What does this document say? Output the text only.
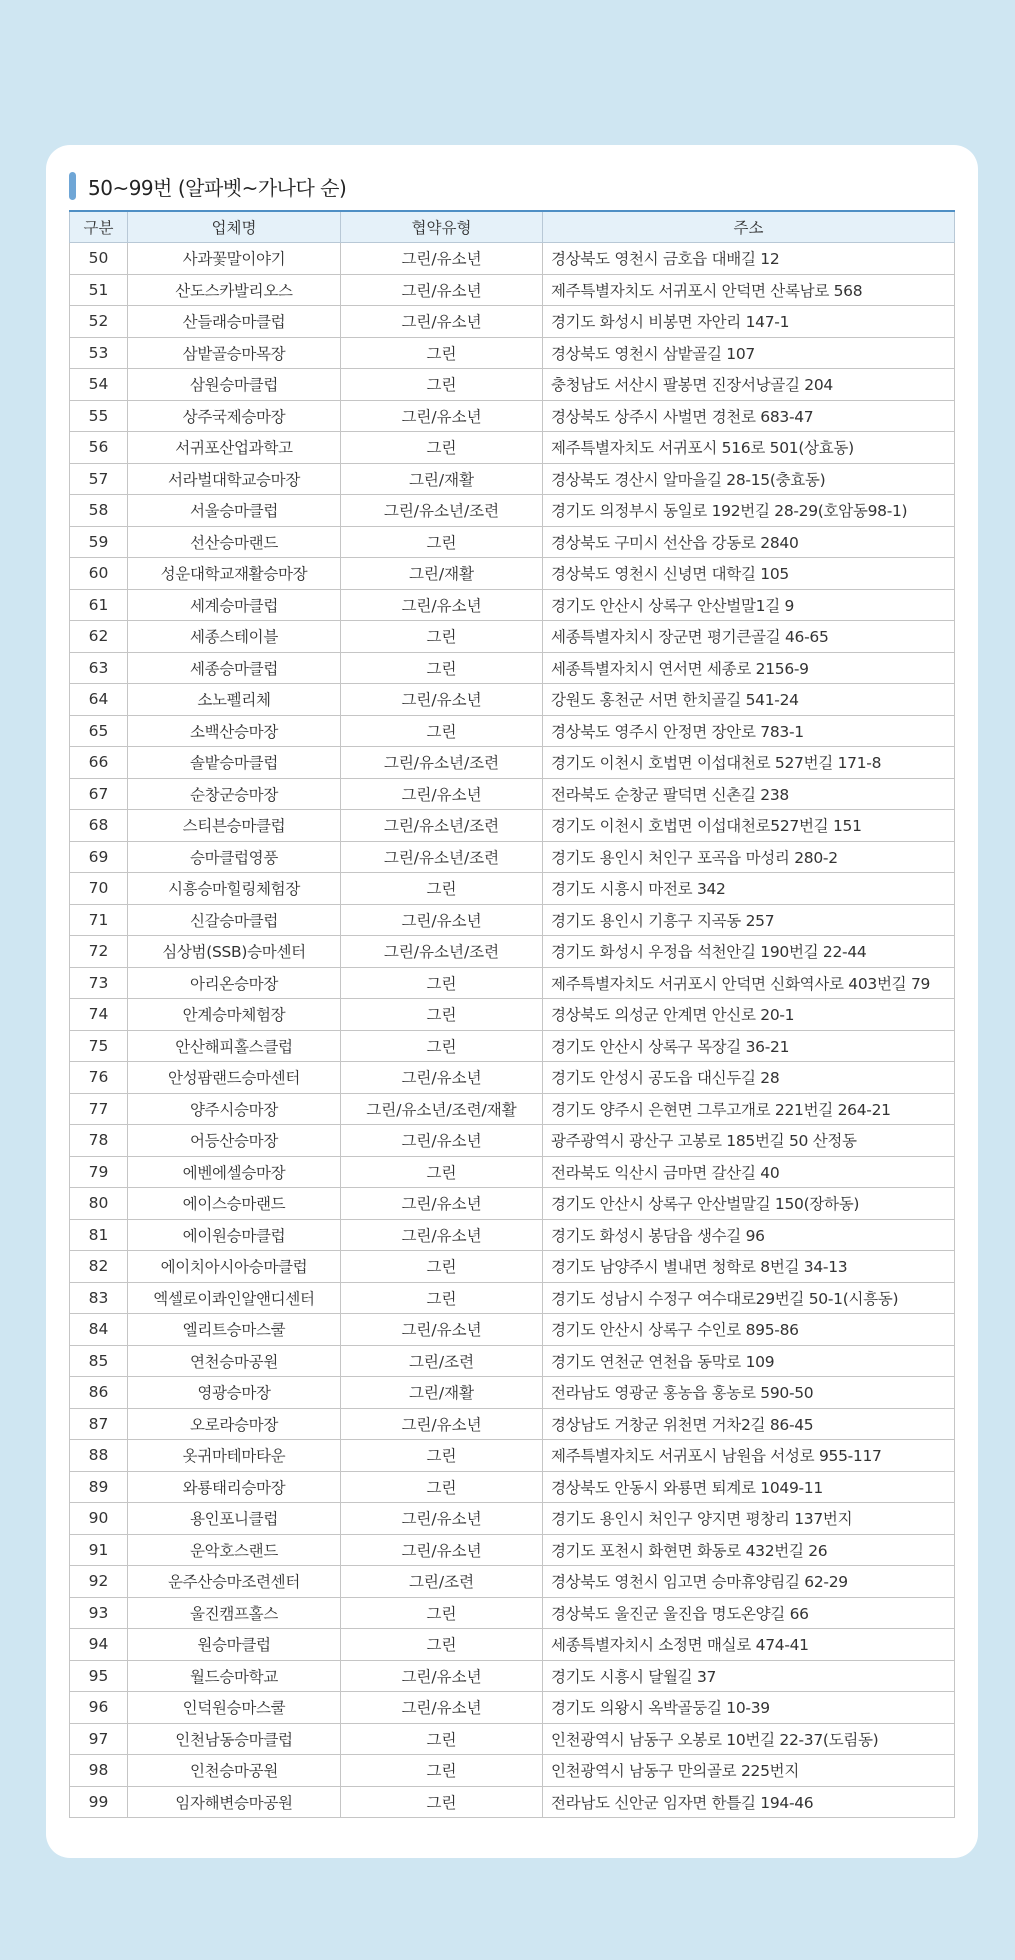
50~99번 (알파벳~가나다 순)
구분	업체명	협약유형	주소
50	사과꽃말이야기	그린/유소년	경상북도 영천시 금호읍 대배길 12
51	산도스카발리오스	그린/유소년	제주특별자치도 서귀포시 안덕면 산록남로 568
52	산들래승마클럽	그린/유소년	경기도 화성시 비봉면 자안리 147-1
53	삼밭골승마목장	그린	경상북도 영천시 삼밭골길 107
54	삼원승마클럽	그린	충청남도 서산시 팔봉면 진장서낭골길 204
55	상주국제승마장	그린/유소년	경상북도 상주시 사벌면 경천로 683-47
56	서귀포산업과학고	그린	제주특별자치도 서귀포시 516로 501(상효동)
57	서라벌대학교승마장	그린/재활	경상북도 경산시 알마을길 28-15(충효동)
58	서울승마클럽	그린/유소년/조련	경기도 의정부시 동일로 192번길 28-29(호암동98-1)
59	선산승마랜드	그린	경상북도 구미시 선산읍 강동로 2840
60	성운대학교재활승마장	그린/재활	경상북도 영천시 신녕면 대학길 105
61	세계승마클럽	그린/유소년	경기도 안산시 상록구 안산벌말1길 9
62	세종스테이블	그린	세종특별자치시 장군면 평기큰골길 46-65
63	세종승마클럽	그린	세종특별자치시 연서면 세종로 2156-9
64	소노펠리체	그린/유소년	강원도 홍천군 서면 한치골길 541-24
65	소백산승마장	그린	경상북도 영주시 안정면 장안로 783-1
66	솔밭승마클럽	그린/유소년/조련	경기도 이천시 호법면 이섭대천로 527번길 171-8
67	순창군승마장	그린/유소년	전라북도 순창군 팔덕면 신촌길 238
68	스티븐승마클럽	그린/유소년/조련	경기도 이천시 호법면 이섭대천로527번길 151
69	승마클럽영풍	그린/유소년/조련	경기도 용인시 처인구 포곡읍 마성리 280-2
70	시흥승마힐링체험장	그린	경기도 시흥시 마전로 342
71	신갈승마클럽	그린/유소년	경기도 용인시 기흥구 지곡동 257
72	심상범(SSB)승마센터	그린/유소년/조련	경기도 화성시 우정읍 석천안길 190번길 22-44
73	아리온승마장	그린	제주특별자치도 서귀포시 안덕면 신화역사로 403번길 79
74	안계승마체험장	그린	경상북도 의성군 안계면 안신로 20-1
75	안산해피홀스클럽	그린	경기도 안산시 상록구 목장길 36-21
76	안성팜랜드승마센터	그린/유소년	경기도 안성시 공도읍 대신두길 28
77	양주시승마장	그린/유소년/조련/재활	경기도 양주시 은현면 그루고개로 221번길 264-21
78	어등산승마장	그린/유소년	광주광역시 광산구 고봉로 185번길 50 산정동
79	에벤에셀승마장	그린	전라북도 익산시 금마면 갈산길 40
80	에이스승마랜드	그린/유소년	경기도 안산시 상록구 안산벌말길 150(장하동)
81	에이원승마클럽	그린/유소년	경기도 화성시 봉담읍 생수길 96
82	에이치아시아승마클럽	그린	경기도 남양주시 별내면 청학로 8번길 34-13
83	엑셀로이콰인알앤디센터	그린	경기도 성남시 수정구 여수대로29번길 50-1(시흥동)
84	엘리트승마스쿨	그린/유소년	경기도 안산시 상록구 수인로 895-86
85	연천승마공원	그린/조련	경기도 연천군 연천읍 동막로 109
86	영광승마장	그린/재활	전라남도 영광군 홍농읍 홍농로 590-50
87	오로라승마장	그린/유소년	경상남도 거창군 위천면 거차2길 86-45
88	옷귀마테마타운	그린	제주특별자치도 서귀포시 남원읍 서성로 955-117
89	와룡태리승마장	그린	경상북도 안동시 와룡면 퇴계로 1049-11
90	용인포니클럽	그린/유소년	경기도 용인시 처인구 양지면 평창리 137번지
91	운악호스랜드	그린/유소년	경기도 포천시 화현면 화동로 432번길 26
92	운주산승마조련센터	그린/조련	경상북도 영천시 임고면 승마휴양림길 62-29
93	울진캠프홀스	그린	경상북도 울진군 울진읍 명도온양길 66
94	원승마클럽	그린	세종특별자치시 소정면 매실로 474-41
95	월드승마학교	그린/유소년	경기도 시흥시 달월길 37
96	인덕원승마스쿨	그린/유소년	경기도 의왕시 옥박골둥길 10-39
97	인천남동승마클럽	그린	인천광역시 남동구 오봉로 10번길 22-37(도림동)
98	인천승마공원	그린	인천광역시 남동구 만의골로 225번지
99	임자해변승마공원	그린	전라남도 신안군 임자면 한틀길 194-46
